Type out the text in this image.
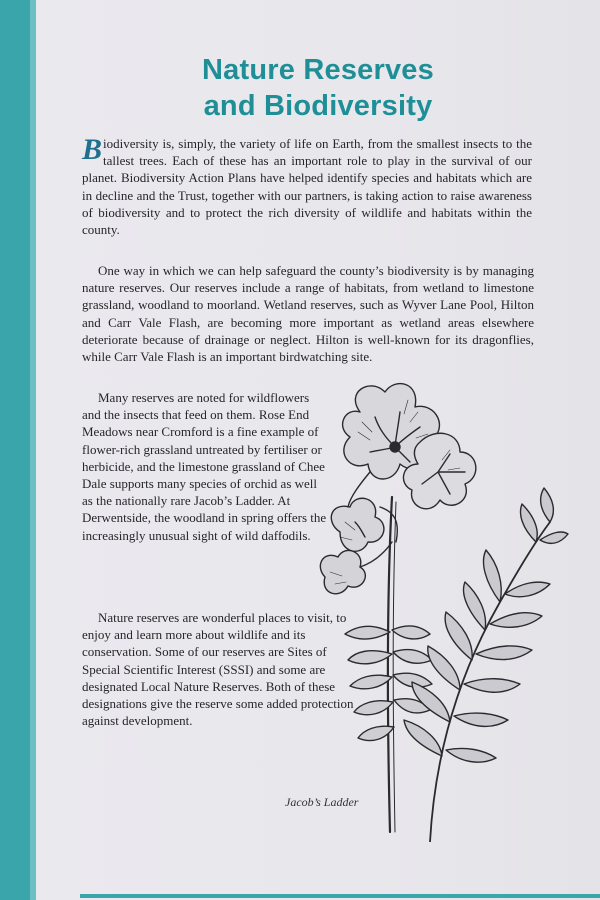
Nature Reserves
and Biodiversity

Biodiversity is, simply, the variety of life on Earth, from the smallest insects to the tallest trees. Each of these has an important role to play in the survival of our planet. Biodiversity Action Plans have helped identify species and habitats which are in decline and the Trust, together with our partners, is taking action to raise awareness of biodiversity and to protect the rich diversity of wildlife and habitats within the county.

One way in which we can help safeguard the county’s biodiversity is by managing nature reserves. Our reserves include a range of habitats, from wetland to limestone grassland, woodland to moorland. Wetland reserves, such as Wyver Lane Pool, Hilton and Carr Vale Flash, are becoming more important as wetland areas elsewhere deteriorate because of drainage or neglect. Hilton is well-known for its dragonflies, while Carr Vale Flash is an important birdwatching site.

Many reserves are noted for wildflowers and the insects that feed on them. Rose End Meadows near Cromford is a fine example of flower-rich grassland untreated by fertiliser or herbicide, and the limestone grassland of Chee Dale supports many species of orchid as well as the nationally rare Jacob’s Ladder. At Derwentside, the woodland in spring offers the increasingly unusual sight of wild daffodils.

Nature reserves are wonderful places to visit, to enjoy and learn more about wildlife and its conservation. Some of our reserves are Sites of Special Scientific Interest (SSSI) and some are designated Local Nature Reserves. Both of these designations give the reserve some added protection against development.

Jacob’s Ladder
